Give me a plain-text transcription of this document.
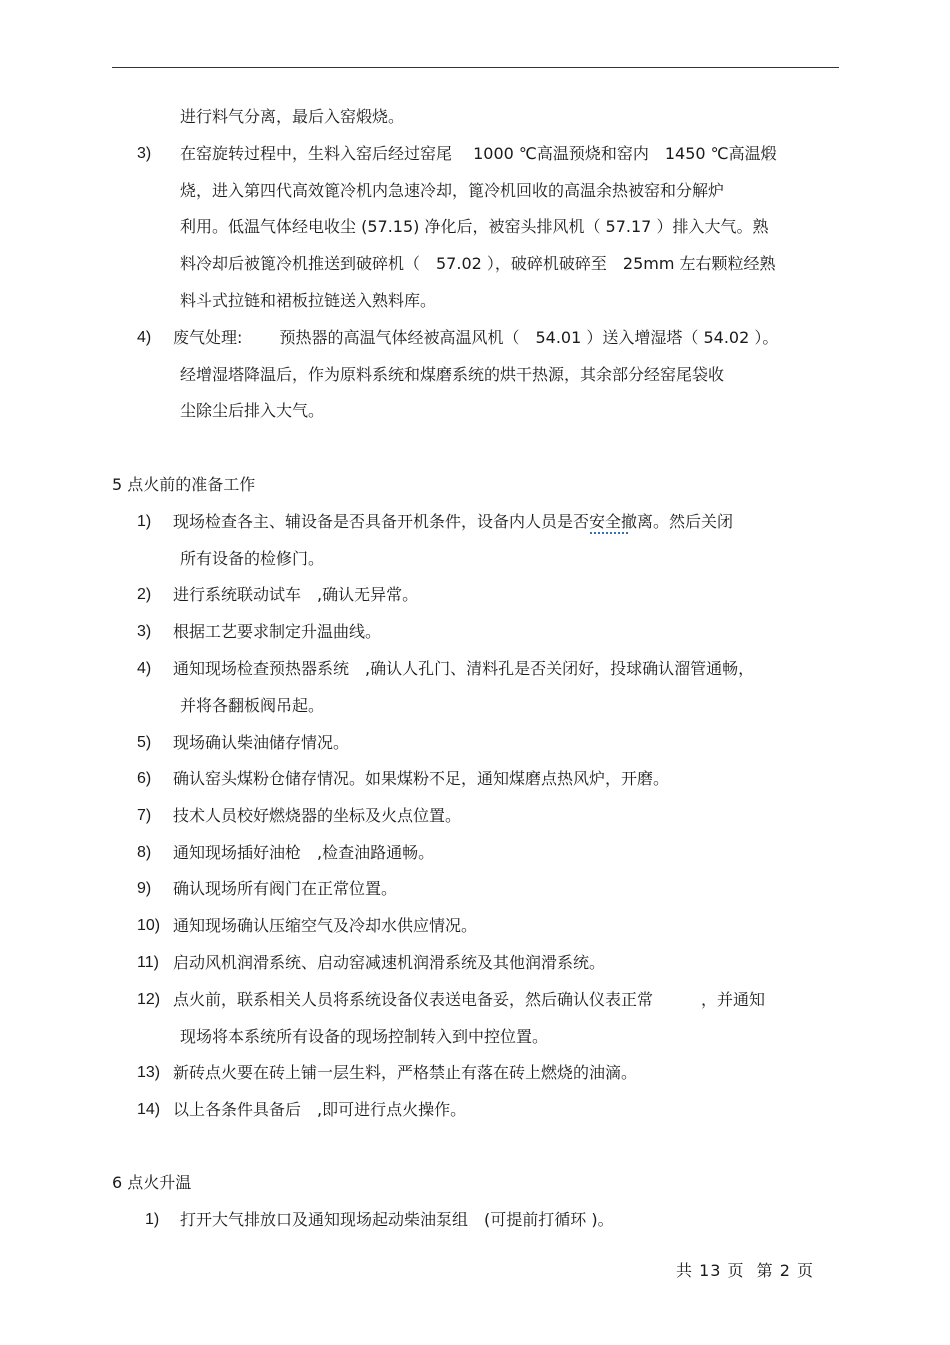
进行料气分离，最后入窑煅烧。
3) 在窑旋转过程中，生料入窑后经过窑尾　 1000 ℃高温预烧和窑内　1450 ℃高温煅
烧，进入第四代高效篦冷机内急速冷却，篦冷机回收的高温余热被窑和分解炉
利用。低温气体经电收尘 (57.15) 净化后，被窑头排风机（ 57.17 ）排入大气。熟
料冷却后被篦冷机推送到破碎机（　57.02 ），破碎机破碎至　25mm 左右颗粒经熟
料斗式拉链和裙板拉链送入熟料库。
4) 废气处理:　　 预热器的高温气体经被高温风机（　54.01 ）送入增湿塔（ 54.02 ）。
经增湿塔降温后，作为原料系统和煤磨系统的烘干热源，其余部分经窑尾袋收
尘除尘后排入大气。
5 点火前的准备工作
1) 现场检查各主、辅设备是否具备开机条件，设备内人员是否安全撤离。然后关闭
所有设备的检修门。
2) 进行系统联动试车　,确认无异常。
3) 根据工艺要求制定升温曲线。
4) 通知现场检查预热器系统　,确认人孔门、清料孔是否关闭好，投球确认溜管通畅，
并将各翻板阀吊起。
5) 现场确认柴油储存情况。
6) 确认窑头煤粉仓储存情况。如果煤粉不足，通知煤磨点热风炉，开磨。
7) 技术人员校好燃烧器的坐标及火点位置。
8) 通知现场插好油枪　,检查油路通畅。
9) 确认现场所有阀门在正常位置。
10) 通知现场确认压缩空气及冷却水供应情况。
11) 启动风机润滑系统、启动窑减速机润滑系统及其他润滑系统。
12) 点火前，联系相关人员将系统设备仪表送电备妥，然后确认仪表正常　　　，并通知
现场将本系统所有设备的现场控制转入到中控位置。
13) 新砖点火要在砖上铺一层生料，严格禁止有落在砖上燃烧的油滴。
14) 以上各条件具备后　,即可进行点火操作。
6 点火升温
1) 打开大气排放口及通知现场起动柴油泵组　(可提前打循环 )。
共 13 页 第 2 页
